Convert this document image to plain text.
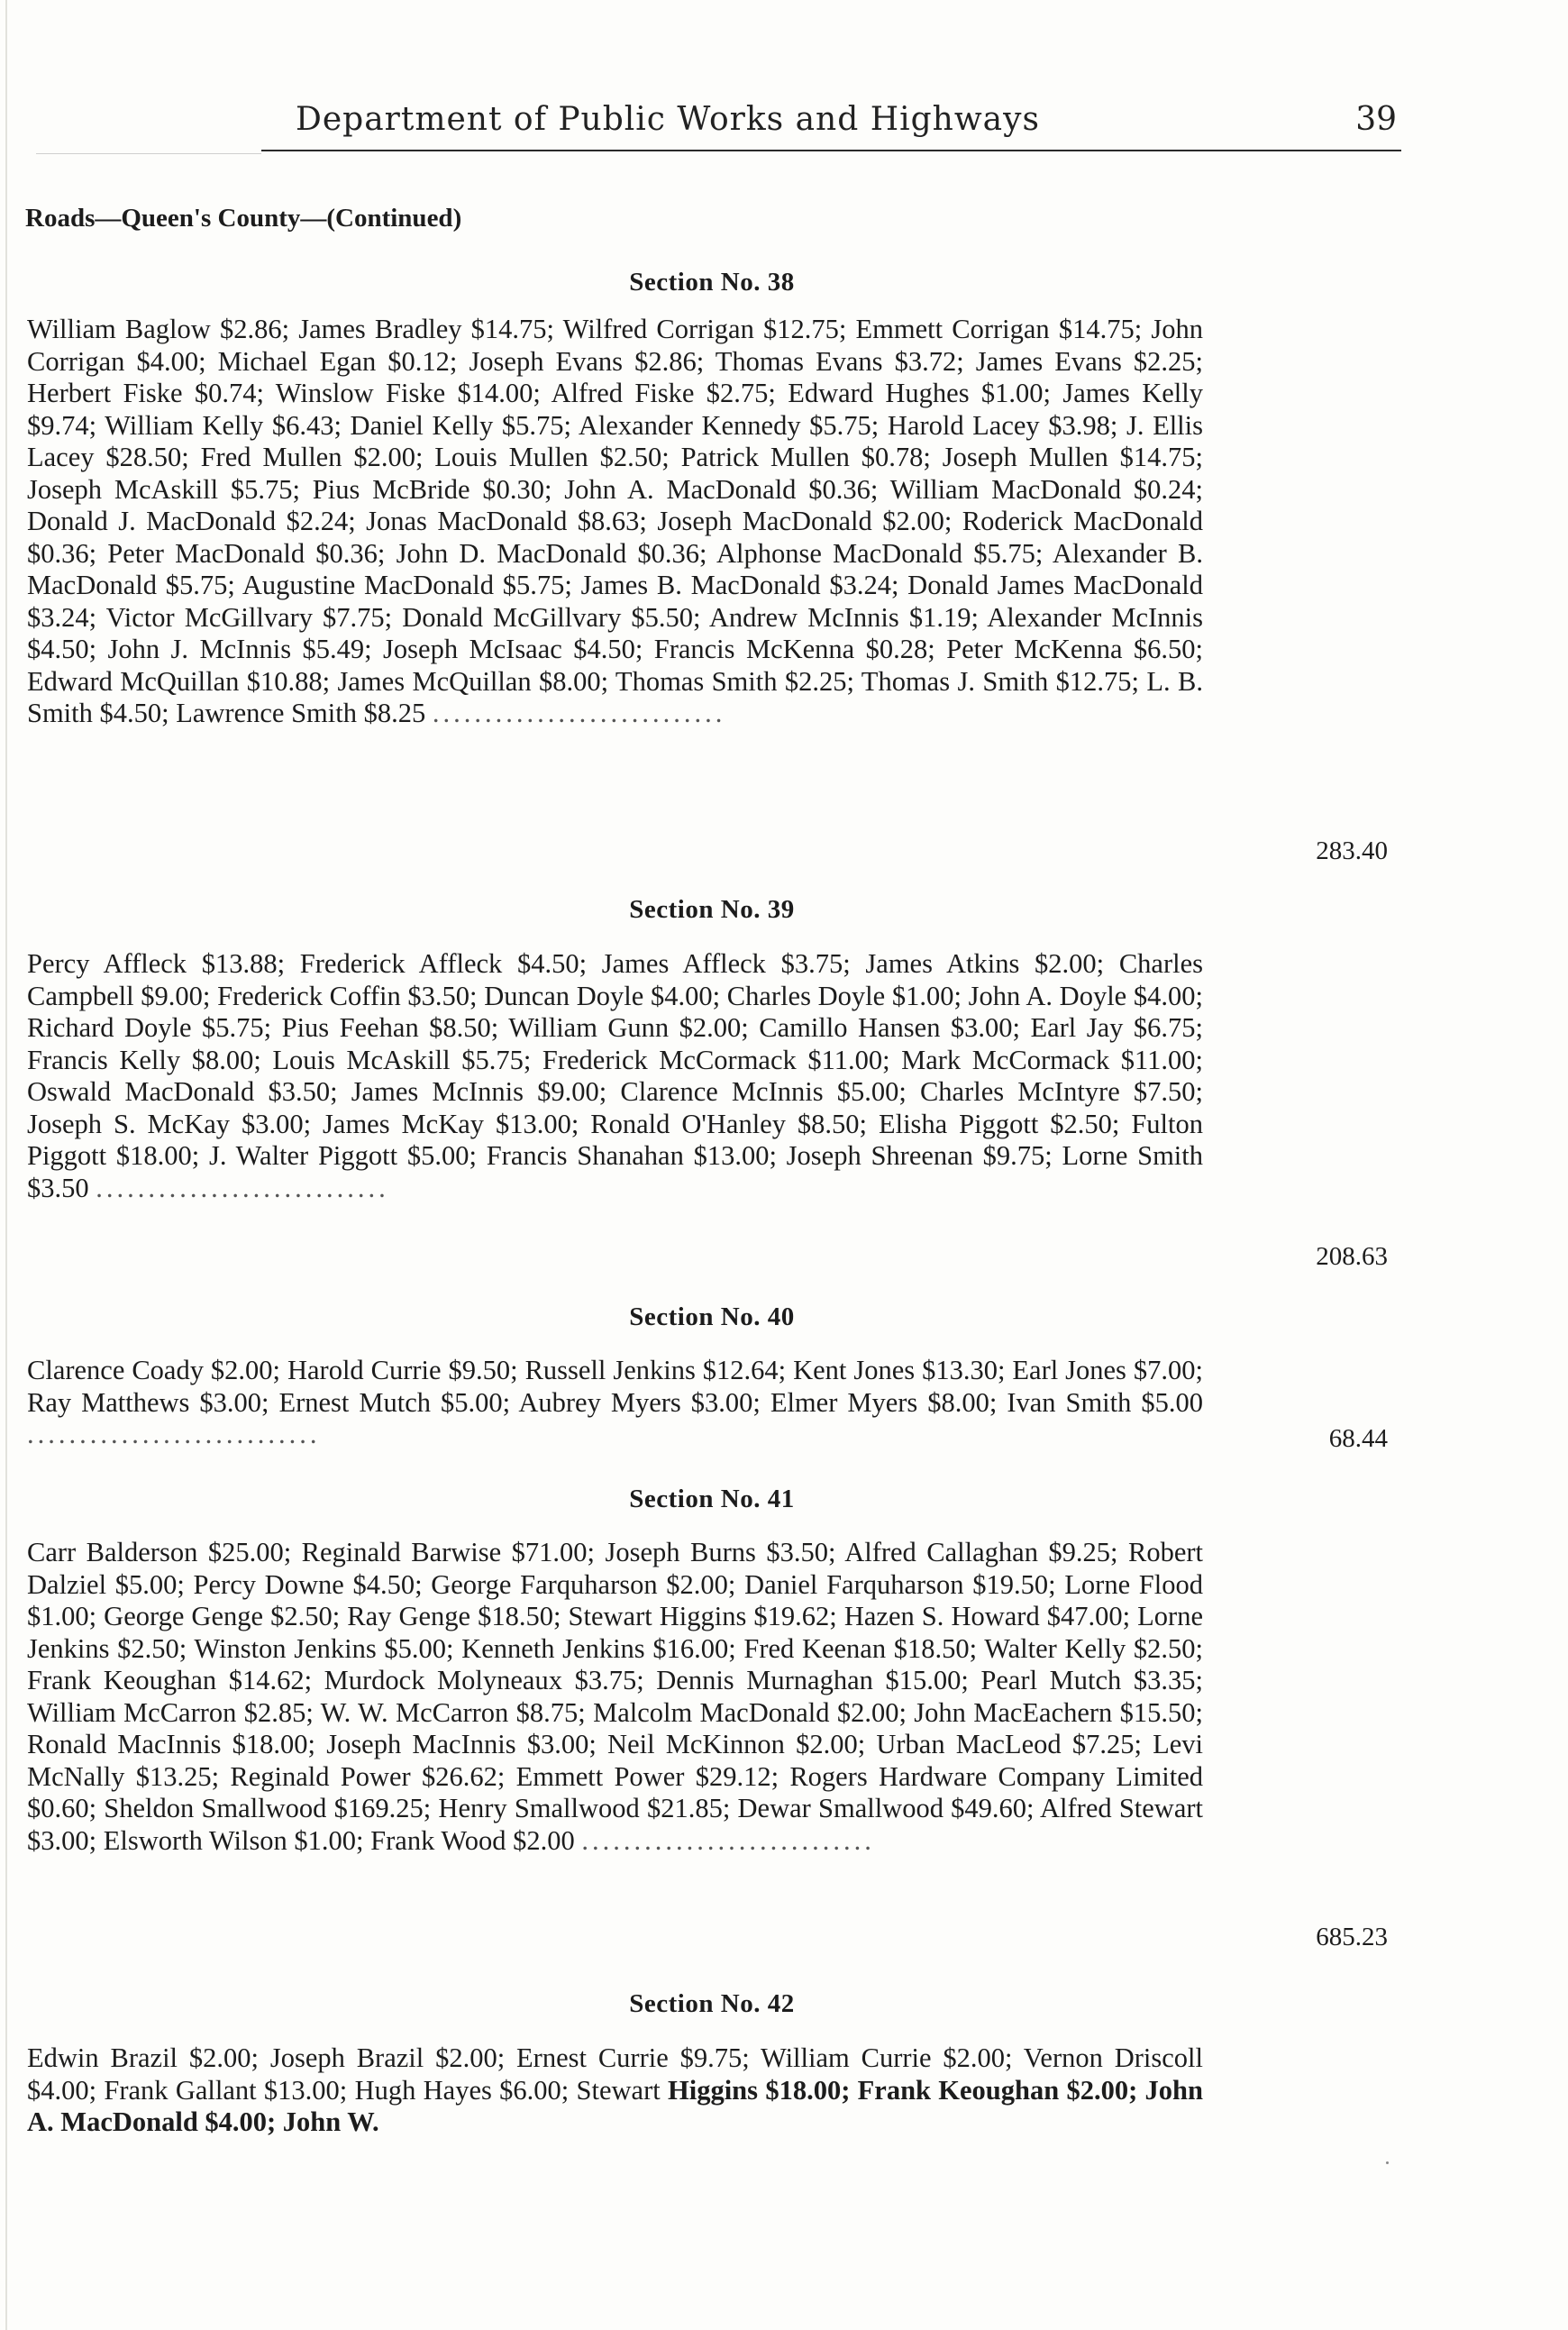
Department of Public Works and Highways	39
Roads—Queen's County—(Continued)
Section No. 38
William Baglow $2.86; James Bradley $14.75; Wilfred Corrigan $12.75; Emmett Corrigan $14.75; John Corrigan $4.00; Michael Egan $0.12; Joseph Evans $2.86; Thomas Evans $3.72; James Evans $2.25; Herbert Fiske $0.74; Winslow Fiske $14.00; Alfred Fiske $2.75; Edward Hughes $1.00; James Kelly $9.74; William Kelly $6.43; Daniel Kelly $5.75; Alexander Kennedy $5.75; Harold Lacey $3.98; J. Ellis Lacey $28.50; Fred Mullen $2.00; Louis Mullen $2.50; Patrick Mullen $0.78; Joseph Mullen $14.75; Joseph McAskill $5.75; Pius McBride $0.30; John A. MacDonald $0.36; William MacDonald $0.24; Donald J. MacDonald $2.24; Jonas MacDonald $8.63; Joseph MacDonald $2.00; Roderick MacDonald $0.36; Peter MacDonald $0.36; John D. MacDonald $0.36; Alphonse MacDonald $5.75; Alexander B. MacDonald $5.75; Augustine MacDonald $5.75; James B. MacDonald $3.24; Donald James MacDonald $3.24; Victor McGillvary $7.75; Donald McGillvary $5.50; Andrew McInnis $1.19; Alexander McInnis $4.50; John J. McInnis $5.49; Joseph McIsaac $4.50; Francis McKenna $0.28; Peter McKenna $6.50; Edward McQuillan $10.88; James McQuillan $8.00; Thomas Smith $2.25; Thomas J. Smith $12.75; L. B. Smith $4.50; Lawrence Smith $8.25 ............................
283.40
Section No. 39
Percy Affleck $13.88; Frederick Affleck $4.50; James Affleck $3.75; James Atkins $2.00; Charles Campbell $9.00; Frederick Coffin $3.50; Duncan Doyle $4.00; Charles Doyle $1.00; John A. Doyle $4.00; Richard Doyle $5.75; Pius Feehan $8.50; William Gunn $2.00; Camillo Hansen $3.00; Earl Jay $6.75; Francis Kelly $8.00; Louis McAskill $5.75; Frederick McCormack $11.00; Mark McCormack $11.00; Oswald MacDonald $3.50; James McInnis $9.00; Clarence McInnis $5.00; Charles McIntyre $7.50; Joseph S. McKay $3.00; James McKay $13.00; Ronald O'Hanley $8.50; Elisha Piggott $2.50; Fulton Piggott $18.00; J. Walter Piggott $5.00; Francis Shanahan $13.00; Joseph Shreenan $9.75; Lorne Smith $3.50 ............................
208.63
Section No. 40
Clarence Coady $2.00; Harold Currie $9.50; Russell Jenkins $12.64; Kent Jones $13.30; Earl Jones $7.00; Ray Matthews $3.00; Ernest Mutch $5.00; Aubrey Myers $3.00; Elmer Myers $8.00; Ivan Smith $5.00 ............................	68.44
Section No. 41
Carr Balderson $25.00; Reginald Barwise $71.00; Joseph Burns $3.50; Alfred Callaghan $9.25; Robert Dalziel $5.00; Percy Downe $4.50; George Farquharson $2.00; Daniel Farquharson $19.50; Lorne Flood $1.00; George Genge $2.50; Ray Genge $18.50; Stewart Higgins $19.62; Hazen S. Howard $47.00; Lorne Jenkins $2.50; Winston Jenkins $5.00; Kenneth Jenkins $16.00; Fred Keenan $18.50; Walter Kelly $2.50; Frank Keoughan $14.62; Murdock Molyneaux $3.75; Dennis Murnaghan $15.00; Pearl Mutch $3.35; William McCarron $2.85; W. W. McCarron $8.75; Malcolm MacDonald $2.00; John MacEachern $15.50; Ronald MacInnis $18.00; Joseph MacInnis $3.00; Neil McKinnon $2.00; Urban MacLeod $7.25; Levi McNally $13.25; Reginald Power $26.62; Emmett Power $29.12; Rogers Hardware Company Limited $0.60; Sheldon Smallwood $169.25; Henry Smallwood $21.85; Dewar Smallwood $49.60; Alfred Stewart $3.00; Elsworth Wilson $1.00; Frank Wood $2.00 ............................
685.23
Section No. 42
Edwin Brazil $2.00; Joseph Brazil $2.00; Ernest Currie $9.75; William Currie $2.00; Vernon Driscoll $4.00; Frank Gallant $13.00; Hugh Hayes $6.00; Stewart Higgins $18.00; Frank Keoughan $2.00; John A. MacDonald $4.00; John W.
